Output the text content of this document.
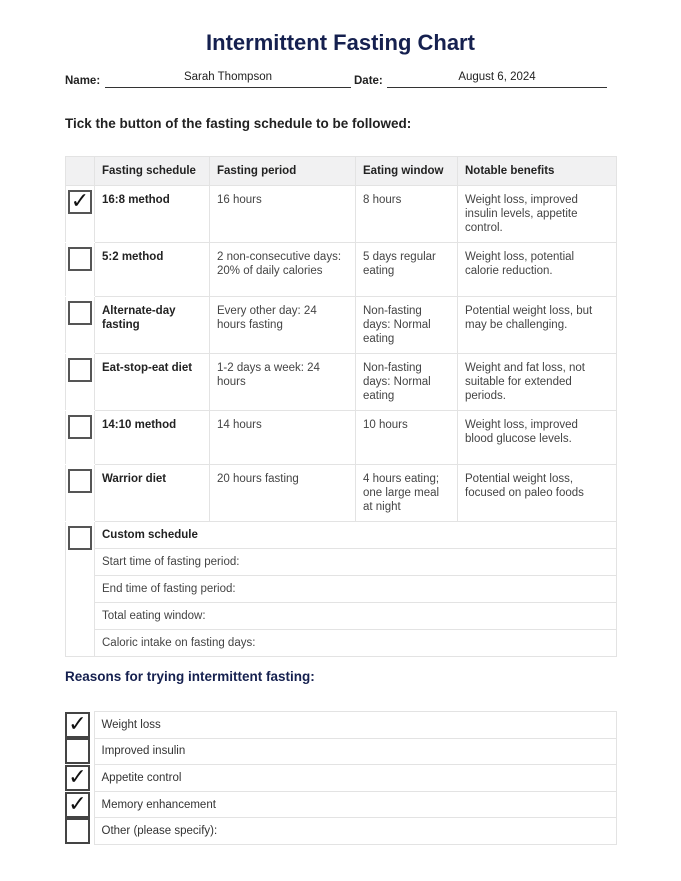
Intermittent Fasting Chart
Name:	Sarah Thompson	Date:	August 6, 2024
Tick the button of the fasting schedule to be followed:
	Fasting schedule	Fasting period	Eating window	Notable benefits

✓	16:8 method	16 hours	8 hours	Weight loss, improved insulin levels, appetite control.

	5:2 method	2 non-consecutive days: 20% of daily calories	5 days regular eating	Weight loss, potential calorie reduction.

	Alternate-day fasting	Every other day: 24 hours fasting	Non-fasting days: Normal eating	Potential weight loss, but may be challenging.

	Eat-stop-eat diet	1-2 days a week: 24 hours	Non-fasting days: Normal eating	Weight and fat loss, not suitable for extended periods.

	14:10 method	14 hours	10 hours	Weight loss, improved blood glucose levels.

	Warrior diet	20 hours fasting	4 hours eating; one large meal at night	Potential weight loss, focused on paleo foods

	Custom schedule			
	Start time of fasting period:			
	End time of fasting period:			
	Total eating window:			
	Caloric intake on fasting days:			
Reasons for trying intermittent fasting:
✓	Weight loss

	Improved insulin

✓	Appetite control

✓	Memory enhancement

	Other (please specify):
